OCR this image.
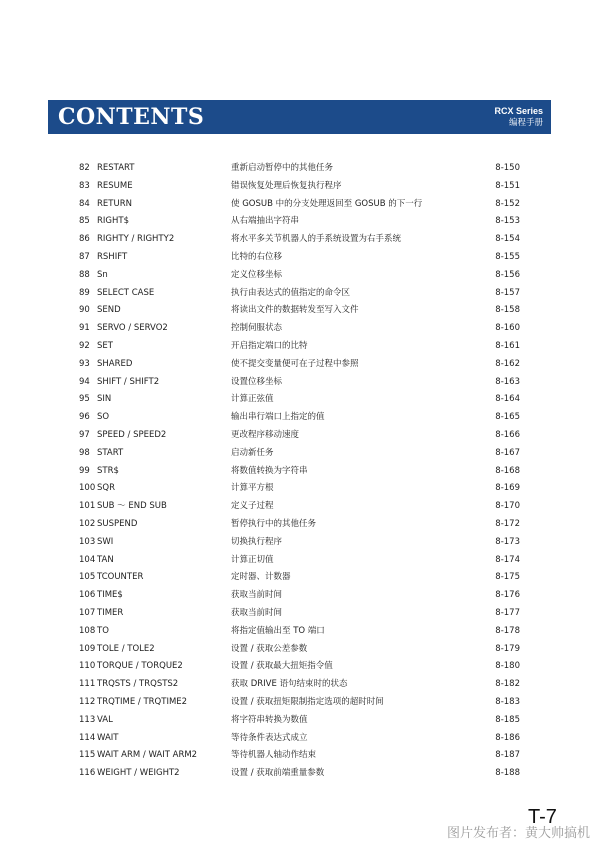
CONTENTS	RCX Series
编程手册
82 RESTART	重新启动暂停中的其他任务	8-150
83 RESUME	错误恢复处理后恢复执行程序	8-151
84 RETURN	使 GOSUB 中的分支处理返回至 GOSUB 的下一行	8-152
85 RIGHT$	从右端抽出字符串	8-153
86 RIGHTY / RIGHTY2	将水平多关节机器人的手系统设置为右手系统	8-154
87 RSHIFT	比特的右位移	8-155
88 Sn	定义位移坐标	8-156
89 SELECT CASE	执行由表达式的值指定的命令区	8-157
90 SEND	将读出文件的数据转发至写入文件	8-158
91 SERVO / SERVO2	控制伺服状态	8-160
92 SET	开启指定端口的比特	8-161
93 SHARED	使不提交变量便可在子过程中参照	8-162
94 SHIFT / SHIFT2	设置位移坐标	8-163
95 SIN	计算正弦值	8-164
96 SO	输出串行端口上指定的值	8-165
97 SPEED / SPEED2	更改程序移动速度	8-166
98 START	启动新任务	8-167
99 STR$	将数值转换为字符串	8-168
100 SQR	计算平方根	8-169
101 SUB ～ END SUB	定义子过程	8-170
102 SUSPEND	暂停执行中的其他任务	8-172
103 SWI	切换执行程序	8-173
104 TAN	计算正切值	8-174
105 TCOUNTER	定时器、计数器	8-175
106 TIME$	获取当前时间	8-176
107 TIMER	获取当前时间	8-177
108 TO	将指定值输出至 TO 端口	8-178
109 TOLE / TOLE2	设置 / 获取公差参数	8-179
110 TORQUE / TORQUE2	设置 / 获取最大扭矩指令值	8-180
111 TRQSTS / TRQSTS2	获取 DRIVE 语句结束时的状态	8-182
112 TRQTIME / TRQTIME2	设置 / 获取扭矩限制指定选项的超时时间	8-183
113 VAL	将字符串转换为数值	8-185
114 WAIT	等待条件表达式成立	8-186
115 WAIT ARM / WAIT ARM2	等待机器人轴动作结束	8-187
116 WEIGHT / WEIGHT2	设置 / 获取前端重量参数	8-188
T-7
图片发布者：黄大帅搞机
